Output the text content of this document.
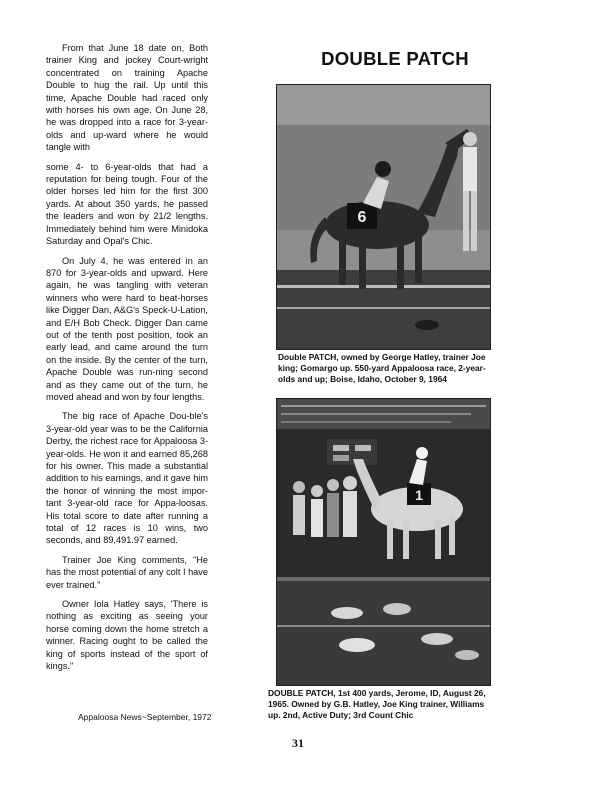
From that June 18 date on, Both trainer King and jockey Court-wright concentrated on training Apache Double to hug the rail. Up until this time, Apache Double had raced only with horses his own age. On June 28, he was dropped into a race for 3-year-olds and up-ward where he would tangle with

some 4- to 6-year-olds that had a reputation for being tough. Four of the older horses led him for the first 300 yards. At about 350 yards, he passed the leaders and won by 21/2 lengths. Immediately behind him were Minidoka Saturday and Opal's Chic.

On July 4, he was entered in an 870 for 3-year-olds and upward. Here again, he was tangling with veteran winners who were hard to beat-horses like Digger Dan, A&G's Speck-U-Lation, and E/H Bob Check. Digger Dan came out of the tenth post position, took an early lead, and came around the turn on the inside. By the center of the turn, Apache Double was run-ning second and as they came out of the turn, he moved ahead and won by four lengths.

The big race of Apache Dou-ble's 3-year-old year was to be the California Derby, the richest race for Appaloosa 3-year-olds. He won it and earned 85,268 for his owner. This made a substantial addition to his earnings, and it gave him the honor of winning the most impor-tant 3-year-old race for Appa-loosas. His total score to date after running a total of 12 races is 10 wins, two seconds, and 89,491.97 earned.

Trainer Joe King comments, "He has the most potential of any colt I have ever trained."

Owner Iola Hatley says, 'There is nothing as exciting as seeing your horse coming down the home stretch a winner. Racing ought to be called the king of sports instead of the sport of kings."

Appaloosa News~September, 1972
DOUBLE PATCH
6
Double PATCH, owned by George Hatley, trainer Joe king; Gomargo up. 550-yard Appaloosa race, 2-year-olds and up; Boise, Idaho, October 9, 1964
1
DOUBLE PATCH, 1st 400 yards, Jerome, ID, August 26, 1965. Owned by G.B. Hatley, Joe King trainer, Williams up. 2nd, Active Duty; 3rd Count Chic
31
